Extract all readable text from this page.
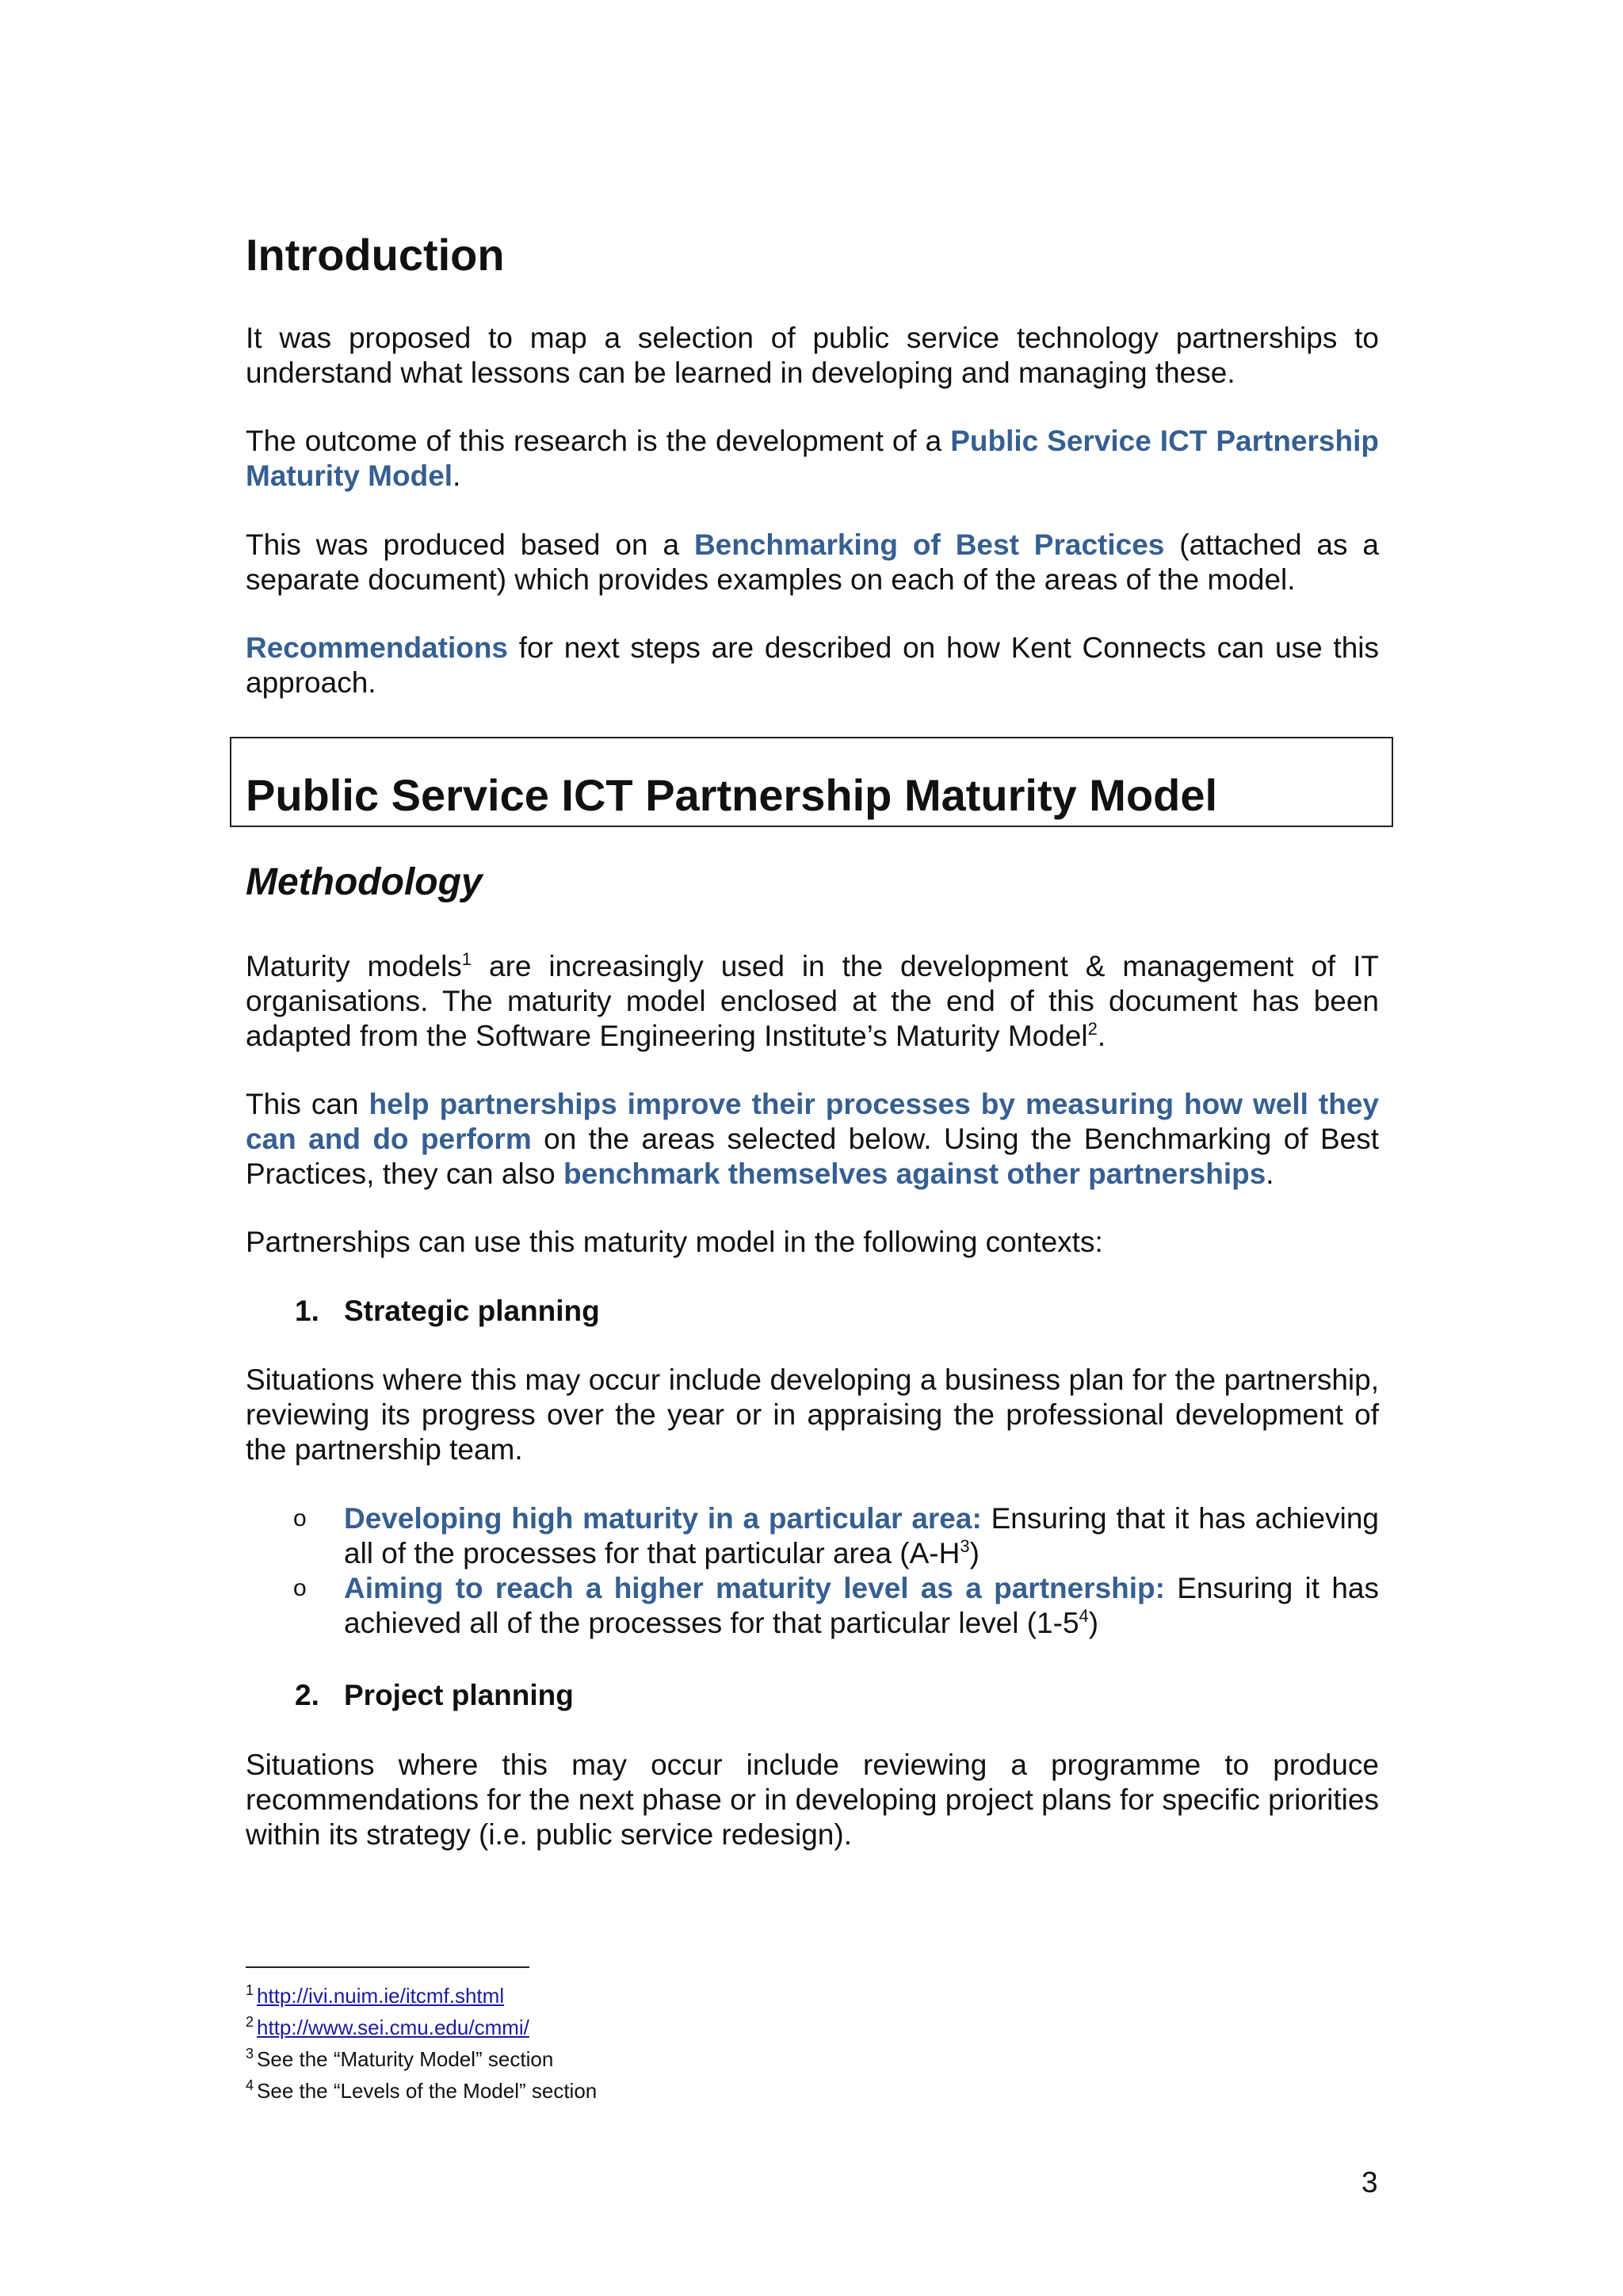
Introduction

It was proposed to map a selection of public service technology partnerships to understand what lessons can be learned in developing and managing these.

The outcome of this research is the development of a Public Service ICT Partnership Maturity Model.

This was produced based on a Benchmarking of Best Practices (attached as a separate document) which provides examples on each of the areas of the model.

Recommendations for next steps are described on how Kent Connects can use this approach.

Public Service ICT Partnership Maturity Model
Methodology

Maturity models$^1$ are increasingly used in the development & management of IT organisations. The maturity model enclosed at the end of this document has been adapted from the Software Engineering Institute’s Maturity Model$^2$.

This can help partnerships improve their processes by measuring how well they can and do perform on the areas selected below. Using the Benchmarking of Best Practices, they can also benchmark themselves against other partnerships.

Partnerships can use this maturity model in the following contexts:

1. Strategic planning

Situations where this may occur include developing a business plan for the partnership, reviewing its progress over the year or in appraising the professional development of the partnership team.

o Developing high maturity in a particular area: Ensuring that it has achieving all of the processes for that particular area $(A-H^3)$
o Aiming to reach a higher maturity level as a partnership: Ensuring it has achieved all of the processes for that particular level $(1-5^4)$
2. Project planning

Situations where this may occur include reviewing a programme to produce recommendations for the next phase or in developing project plans for specific priorities within its strategy (i.e. public service redesign).

$^1$ http://ivi.nuim.ie/itcmf.shtml
$^2$ http://www.sei.cmu.edu/cmmi/
$^3$ See the “Maturity Model” section
$^4$ See the “Levels of the Model” section
3
